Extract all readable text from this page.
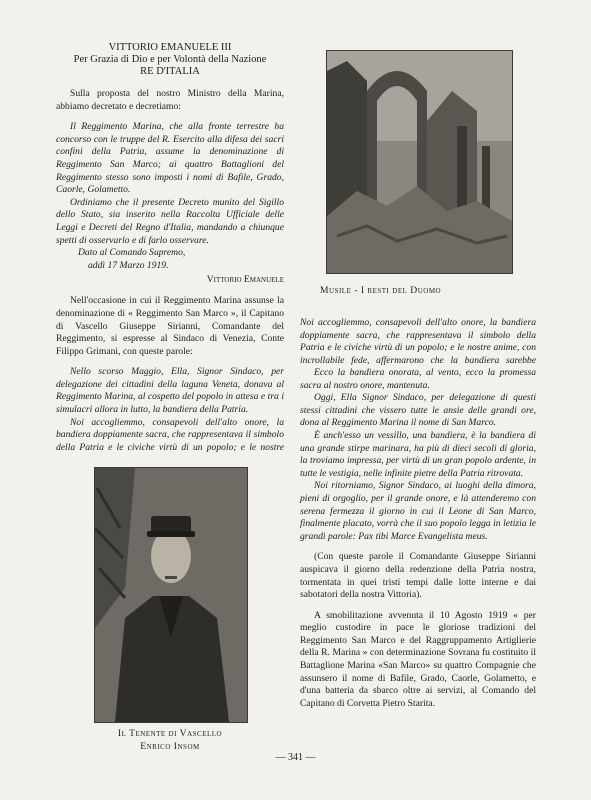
VITTORIO EMANUELE III
Per Grazia di Dio e per Volontà della Nazione
RE D'ITALIA

Sulla proposta del nostro Ministro della Marina, abbiamo decretato e decretiamo:

Il Reggimento Marina, che alla fronte terrestre ha concorso con le truppe del R. Esercito alla difesa dei sacri confini della Patria, assume la denominazione di Reggimento San Marco; ai quattro Battaglioni del Reggimento stesso sono imposti i nomi di Bafile, Grado, Caorle, Golametto.

Ordiniamo che il presente Decreto munito del Sigillo dello Stato, sia inserito nella Raccolta Ufficiale delle Leggi e Decreti del Regno d'Italia, mandando a chiunque spetti di osservarlo e di farlo osservare.

Dato al Comando Supremo,
addì 17 Marzo 1919.
Vittorio Emanuele

Nell'occasione in cui il Reggimento Marina assunse la denominazione di « Reggimento San Marco », il Capitano di Vascello Giuseppe Sirianni, Comandante del Reggimento, si espresse al Sindaco di Venezia, Conte Filippo Grimani, con queste parole:

Nello scorso Maggio, Ella, Signor Sindaco, per delegazione dei cittadini della laguna Veneta, donava al Reggimento Marina, al cospetto del popolo in attesa e tra i simulacri allora in lutto, la bandiera della Patria.

Noi accogliemmo, consapevoli dell'alto onore, la bandiera doppiamente sacra, che rappresentava il simbolo della Patria e le civiche virtù di un popolo; e le nostre

Il Tenente di Vascello
Enrico Insom
Musile - I resti del Duomo

Noi accogliemmo, consapevoli dell'alto onore, la bandiera doppiamente sacra, che rappresentava il simbolo della Patria e le civiche virtù di un popolo; e le nostre anime, con incrollabile fede, affermarono che la bandiera sarebbe

Ecco la bandiera onorata, al vento, ecco la promessa sacra al nostro onore, mantenuta.

Oggi, Ella Signor Sindaco, per delegazione di questi stessi cittadini che vissero tutte le ansie delle grandi ore, dona al Reggimento Marina il nome di San Marco.

È anch'esso un vessillo, una bandiera, è la bandiera di una grande stirpe marinara, ha più di dieci secoli di gloria, la troviamo impressa, per virtù di un gran popolo ardente, in tutte le vestigia, nelle infinite pietre della Patria ritrovata.

Noi ritorniamo, Signor Sindaco, ai luoghi della dimora, pieni di orgoglio, per il grande onore, e là attenderemo con serena fermezza il giorno in cui il Leone di San Marco, finalmente placato, vorrà che il suo popolo legga in letizia le grandi parole: Pax tibi Marce Evangelista meus.

(Con queste parole il Comandante Giuseppe Sirianni auspicava il giorno della redenzione della Patria nostra, tormentata in quei tristi tempi dalle lotte interne e dai sabotatori della nostra Vittoria).

A smobilitazione avvenuta il 10 Agosto 1919 « per meglio custodire in pace le gloriose tradizioni del Reggimento San Marco e del Raggruppamento Artiglierie della R. Marina » con determinazione Sovrana fu costituito il Battaglione Marina «San Marco» su quattro Compagnie che assunsero il nome di Bafile, Grado, Caorle, Golametto, e d'una batteria da sbarco oltre ai servizi, al Comando del Capitano di Corvetta Pietro Starita.

— 341 —
